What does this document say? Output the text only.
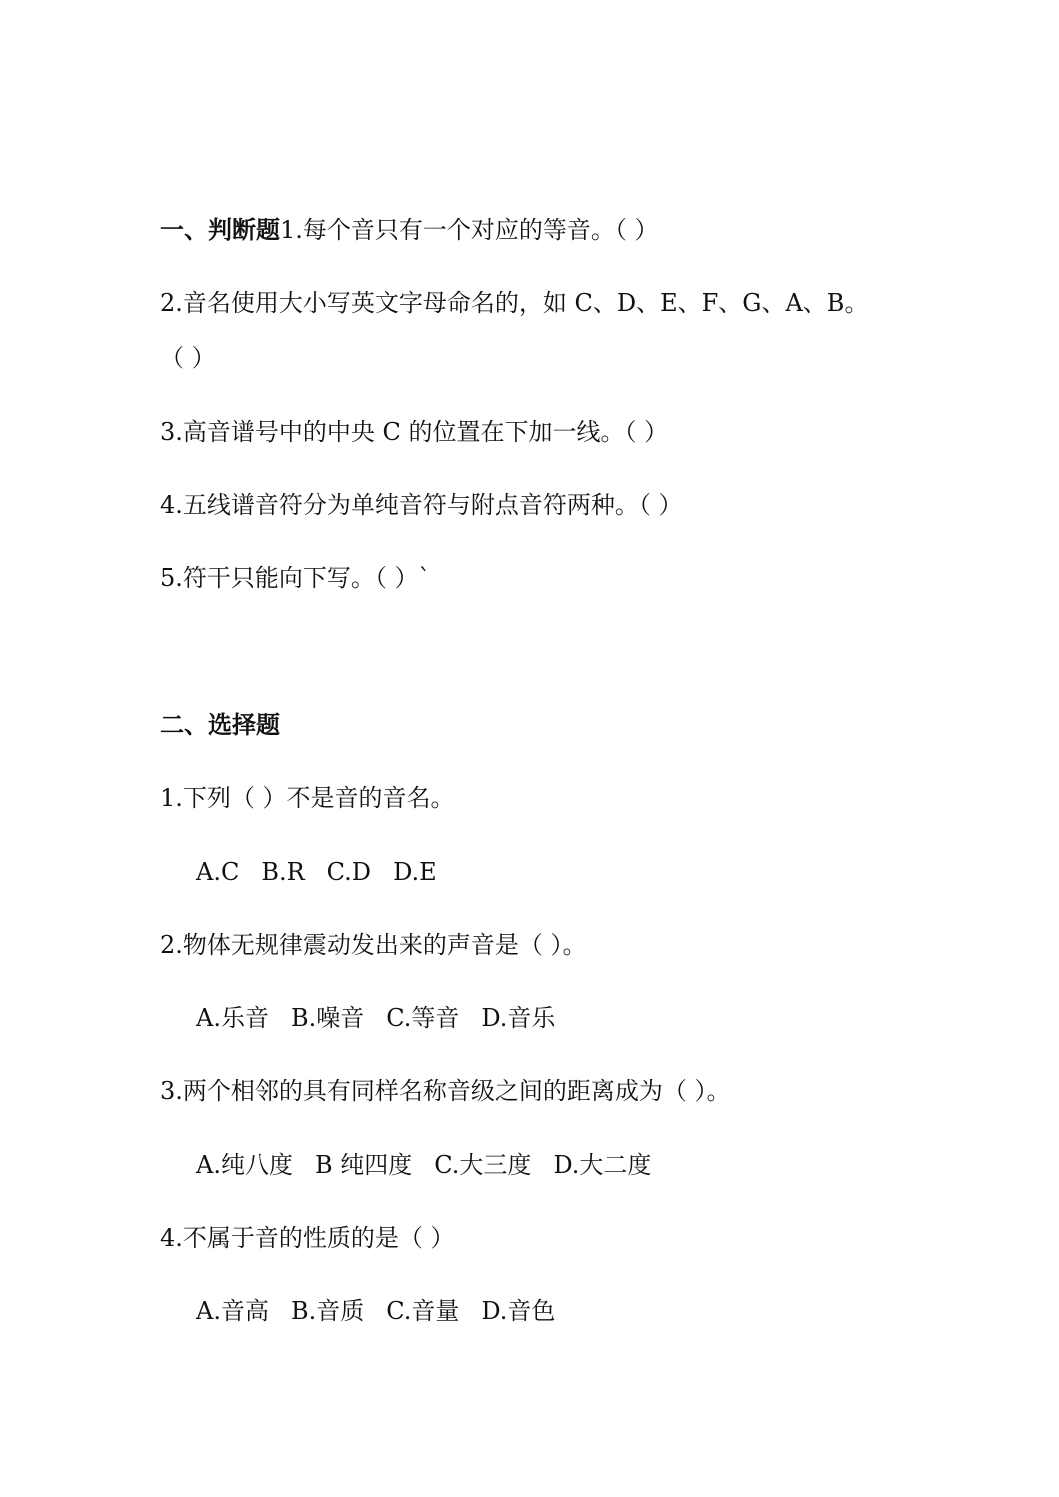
一、判断题1.每个音只有一个对应的等音。（ ）
2.音名使用大小写英文字母命名的，如 C、D、E、F、G、A、B。
（ ）
3.高音谱号中的中央 C 的位置在下加一线。（ ）
4.五线谱音符分为单纯音符与附点音符两种。（ ）
5.符干只能向下写。（ ）`
二、选择题
1.下列（ ）不是音的音名。
A.C B.R C.D D.E
2.物体无规律震动发出来的声音是（ ）。
A.乐音 B.噪音 C.等音 D.音乐
3.两个相邻的具有同样名称音级之间的距离成为（ ）。
A.纯八度 B 纯四度 C.大三度 D.大二度
4.不属于音的性质的是（ ）
A.音高 B.音质 C.音量 D.音色
